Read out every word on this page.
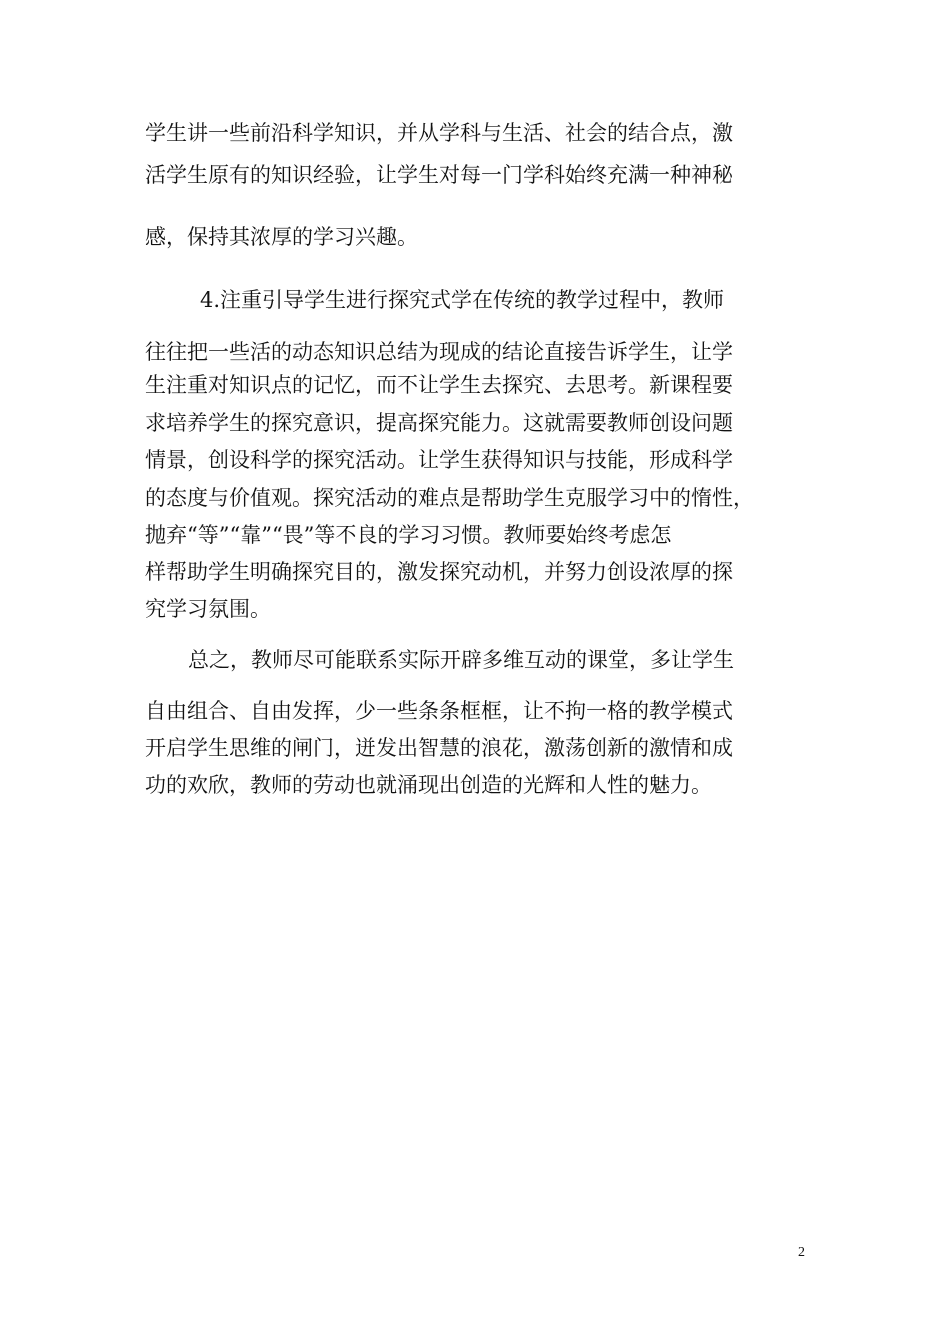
学生讲一些前沿科学知识，并从学科与生活、社会的结合点，激
活学生原有的知识经验，让学生对每一门学科始终充满一种神秘
感，保持其浓厚的学习兴趣。
4.注重引导学生进行探究式学在传统的教学过程中，教师
往往把一些活的动态知识总结为现成的结论直接告诉学生，让学
生注重对知识点的记忆，而不让学生去探究、去思考。新课程要
求培养学生的探究意识，提高探究能力。这就需要教师创设问题
情景，创设科学的探究活动。让学生获得知识与技能，形成科学
的态度与价值观。探究活动的难点是帮助学生克服学习中的惰性，
抛弃“等”“靠”“畏”等不良的学习习惯。教师要始终考虑怎
样帮助学生明确探究目的，激发探究动机，并努力创设浓厚的探
究学习氛围。
总之，教师尽可能联系实际开辟多维互动的课堂，多让学生
自由组合、自由发挥，少一些条条框框，让不拘一格的教学模式
开启学生思维的闸门，迸发出智慧的浪花，激荡创新的激情和成
功的欢欣，教师的劳动也就涌现出创造的光辉和人性的魅力。
2
